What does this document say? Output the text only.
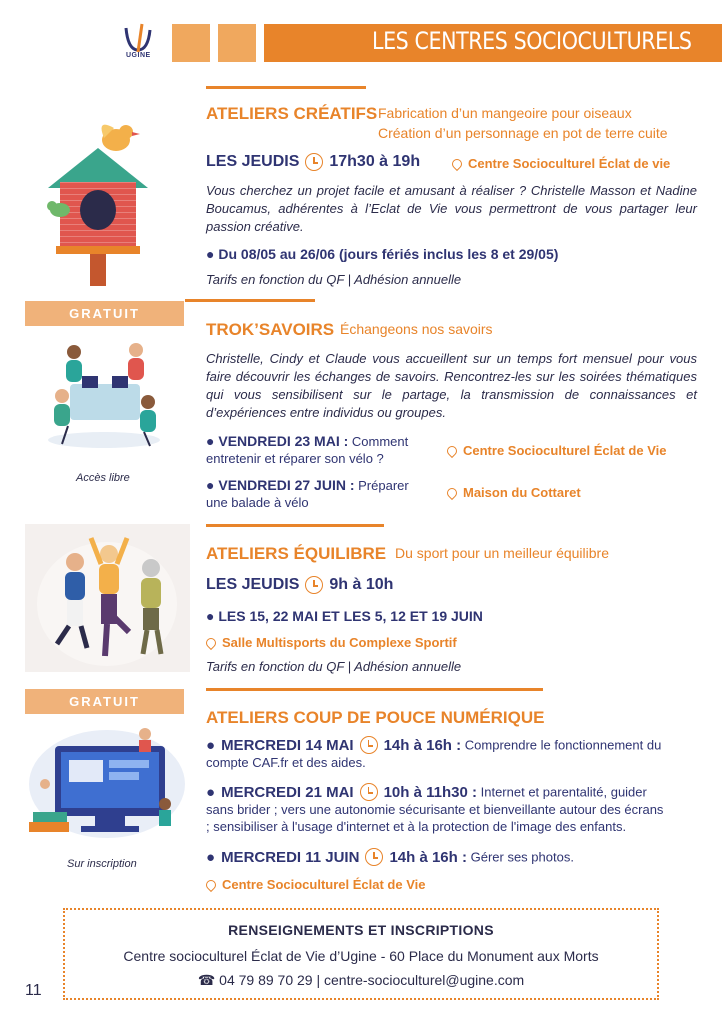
UGINE
LES CENTRES SOCIOCULTURELS
ATELIERS CRÉATIFS Fabrication d’un mangeoire pour oiseaux
Création d’un personnage en pot de terre cuite
LES JEUDIS 17h30 à 19h	Centre Socioculturel Éclat de vie
Vous cherchez un projet facile et amusant à réaliser ? Christelle Masson et Nadine Boucamus, adhérentes à l’Eclat de Vie vous permettront de vous partager leur passion créative.
● Du 08/05 au 26/06 (jours fériés inclus les 8 et 29/05)
Tarifs en fonction du QF | Adhésion annuelle
GRATUIT
Accès libre
TROK’SAVOIRS Échangeons nos savoirs
Christelle, Cindy et Claude vous accueillent sur un temps fort mensuel pour vous faire découvrir les échanges de savoirs. Rencontrez-les sur les soirées thématiques qui vous sensibilisent sur le partage, la transmission de connaissances et d’expériences entre individus ou groupes.
● VENDREDI 23 MAI : Comment
entretenir et réparer son vélo ?
Centre Socioculturel Éclat de Vie
● VENDREDI 27 JUIN : Préparer
une balade à vélo
Maison du Cottaret
ATELIERS ÉQUILIBRE Du sport pour un meilleur équilibre
LES JEUDIS 9h à 10h
● LES 15, 22 MAI ET LES 5, 12 ET 19 JUIN
Salle Multisports du Complexe Sportif
Tarifs en fonction du QF | Adhésion annuelle
GRATUIT
Sur inscription
ATELIERS COUP DE POUCE NUMÉRIQUE
● MERCREDI 14 MAI 14h à 16h : Comprendre le fonctionnement du
compte CAF.fr et des aides.
● MERCREDI 21 MAI 10h à 11h30 : Internet et parentalité, guider
sans brider ; vers une autonomie sécurisante et bienveillante autour des écrans
; sensibiliser à l'usage d'internet et à la protection de l'image des enfants.
● MERCREDI 11 JUIN 14h à 16h : Gérer ses photos.
Centre Socioculturel Éclat de Vie
RENSEIGNEMENTS ET INSCRIPTIONS
Centre socioculturel Éclat de Vie d’Ugine - 60 Place du Monument aux Morts
☎ 04 79 89 70 29 | centre-socioculturel@ugine.com
11
